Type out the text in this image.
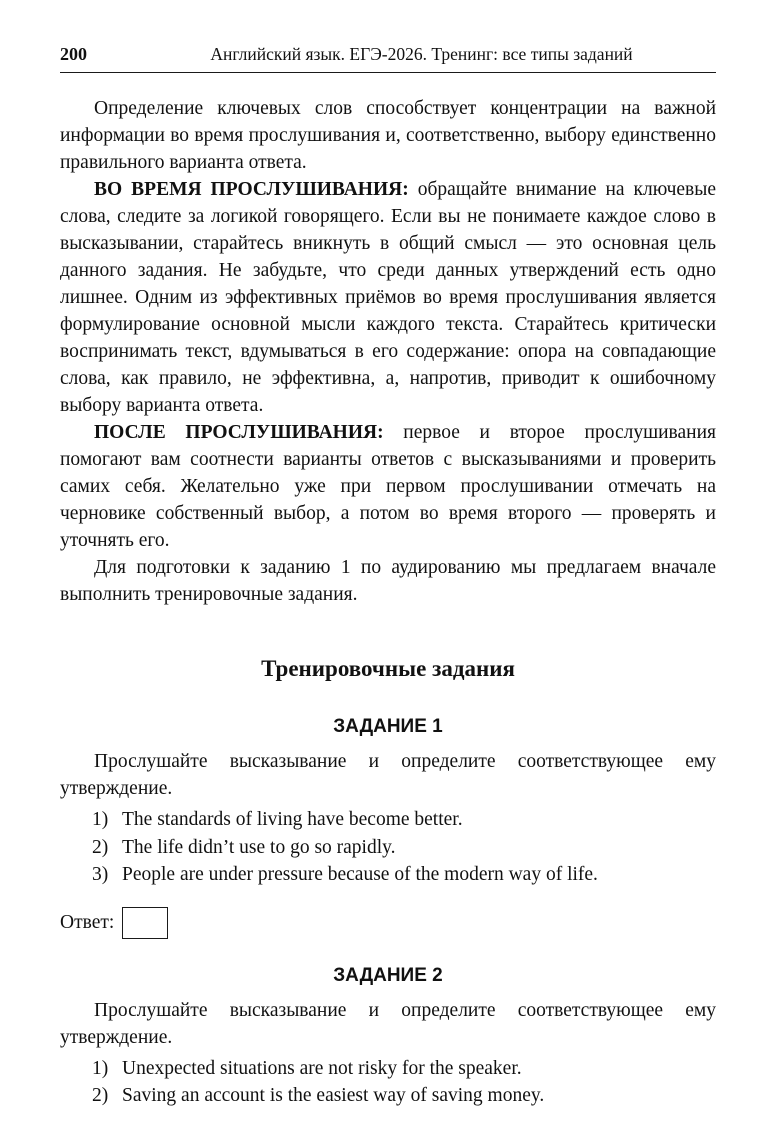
200	Английский язык. ЕГЭ-2026. Тренинг: все типы заданий

Определение ключевых слов способствует концентрации на важной информации во время прослушивания и, соответственно, выбору единственно правильного варианта ответа.

ВО ВРЕМЯ ПРОСЛУШИВАНИЯ: обращайте внимание на ключевые слова, следите за логикой говорящего. Если вы не понимаете каждое слово в высказывании, старайтесь вникнуть в общий смысл — это основная цель данного задания. Не забудьте, что среди данных утверждений есть одно лишнее. Одним из эффективных приёмов во время прослушивания является формулирование основной мысли каждого текста. Старайтесь критически воспринимать текст, вдумываться в его содержание: опора на совпадающие слова, как правило, не эффективна, а, напротив, приводит к ошибочному выбору варианта ответа.

ПОСЛЕ ПРОСЛУШИВАНИЯ: первое и второе прослушивания помогают вам соотнести варианты ответов с высказываниями и проверить самих себя. Желательно уже при первом прослушивании отмечать на черновике собственный выбор, а потом во время второго — проверять и уточнять его.

Для подготовки к заданию 1 по аудированию мы предлагаем вначале выполнить тренировочные задания.

Тренировочные задания
ЗАДАНИЕ 1

Прослушайте высказывание и определите соответствующее ему утверждение.

1) The standards of living have become better.
2) The life didn’t use to go so rapidly.
3) People are under pressure because of the modern way of life.
Ответ:
ЗАДАНИЕ 2

Прослушайте высказывание и определите соответствующее ему утверждение.

1) Unexpected situations are not risky for the speaker.
2) Saving an account is the easiest way of saving money.
